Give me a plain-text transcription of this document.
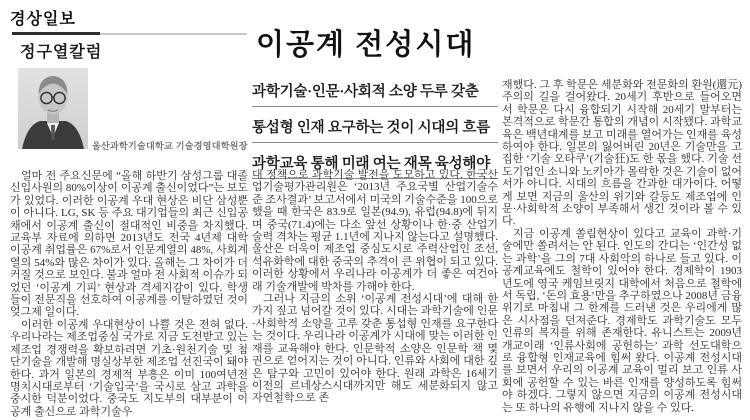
경상일보
정구열칼럼
울산과학기술대학교 기술경영대학원장
이공계 전성시대
과학기술·인문·사회적 소양 두루 갖춘
통섭형 인재 요구하는 것이 시대의 흐름
과학교육 통해 미래 여는 재목 육성해야

얼마 전 주요신문에 “올해 하반기 삼성그룹 대졸 신입사원의 80%이상이 이공계 출신이었다”는 보도가 있었다. 이러한 이공계 우대 현상은 비단 삼성뿐이 아니다. LG, SK 등 주요 대기업들의 최근 신입공채에서 이공계 출신이 절대적인 비중을 차지했다. 교육부 자료에 의하면 2013년도 전국 4년제 대학 이공계 취업률은 67%로서 인문계열의 48%, 사회계열의 54%와 많은 차이가 있다. 올해는 그 차이가 더 커질 것으로 보인다. 불과 얼마 전 사회적 이슈가 되었던 ‘이공계 기피’ 현상과 격세지감이 있다. 학생들이 전문직을 선호하여 이공계를 이탈하였던 것이 엊그제 일이다.

이러한 이공계 우대현상이 나쁠 것은 전혀 없다. 우리나라는 제조업중심 국가로 지금 도전받고 있는 제조업 경쟁력을 확보하려면 기초·원천기술 및 첨단기술을 개발해 명실상부한 제조업 선진국이 돼야한다. 과거 일본의 경제적 부흥은 이미 100여년전 명치시대로부터 ‘기술입국’을 국시로 삼고 과학을 중시한 덕분이었다. 중국도 지도부의 대부분이 이공계 출신으로 과학기술우

대 정책으로 과학기술 발전을 도모하고 있다. 한국산업기술평가관리원은 ‘2013년 주요국별 산업기술수준 조사결과’ 보고서에서 미국의 기술수준을 100으로 했을 때 한국은 83.9로 일본(94.9), 유럽(94.8)에 뒤지며 중국(71.4)에는 다소 앞선 상황이나 한·중 산업기술력 격차는 평균 1.1년에 지나지 않는다고 설명했다. 울산은 더욱이 제조업 중심도시로 주력산업인 조선, 석유화학에 대한 중국의 추격이 큰 위협이 되고 있다. 이러한 상황에서 우리나라 이공계가 더 좋은 여건아래 기술개발에 박차를 가해야 한다.

그러나 지금의 소위 ‘이공계 전성시대’에 대해 한 가지 짚고 넘어갈 것이 있다. 시대는 과학기술에 인문·사회학적 소양을 고루 갖춘 통섭형 인재를 요구한다는 것이다. 우리나라 이공계가 시대에 맞는 이러한 인재를 교육해야 한다. 인문학적 소양은 인문학 책 몇 권으로 얻어지는 것이 아니다. 인류와 사회에 대한 깊은 탐구와 고민이 있어야 한다. 원래 과학은 16세기 이전의 르네상스시대까지만 해도 세분화되지 않고 자연철학으로 존

재했다. 그 후 학문은 세분화와 전문화의 환원(還元)주의의 길을 걸어왔다. 20세기 후반으로 들어오면서 학문은 다시 융합되기 시작해 20세기 말부터는 본격적으로 학문간 통합의 개념이 시작됐다. 과학교육은 백년대계를 보고 미래를 열어가는 인재를 육성하여야 한다. 일본의 잃어버린 20년은 기술만을 고집한 ‘기술 오타쿠’(기술狂)도 한 몫을 했다. 기술 선도기업인 소니와 노키아가 몰락한 것은 기술이 없어서가 아니다. 시대의 흐름을 간과한 대가이다. 어떻게 보면 지금의 울산의 위기와 갈등도 제조업에 인문·사회학적 소양이 부족해서 생긴 것이라 볼 수 있다.

지금 이공계 쏠림현상이 있다고 교육이 과학·기술에만 쏠려서는 안 된다. 인도의 간디는 ‘인간성 없는 과학’을 그의 7대 사회악의 하나로 들고 있다. 이공계교육에도 철학이 있어야 한다. 경제학이 1903년도에 영국 케임브릿지 대학에서 처음으로 철학에서 독립, ‘돈의 효용’만을 추구하였으나 2008년 금융위기로 마침내 그 한계를 드러낸 것은 우리에게 많은 시사점을 던져준다. 경제학도 과학기술도 모두 인류의 복지를 위해 존재한다. 유니스트는 2009년 개교이래 ‘인류사회에 공헌하는’ 과학 선도대학으로 융합형 인재교육에 힘써 왔다. 이공계 전성시대를 보면서 우리의 이공계 교육이 멀리 보고 인류 사회에 공헌할 수 있는 바른 인재를 양성하도록 힘써야 하겠다. 그렇지 않으면 지금의 이공계 전성시대는 또 하나의 유행에 지나지 않을 수 있다.
